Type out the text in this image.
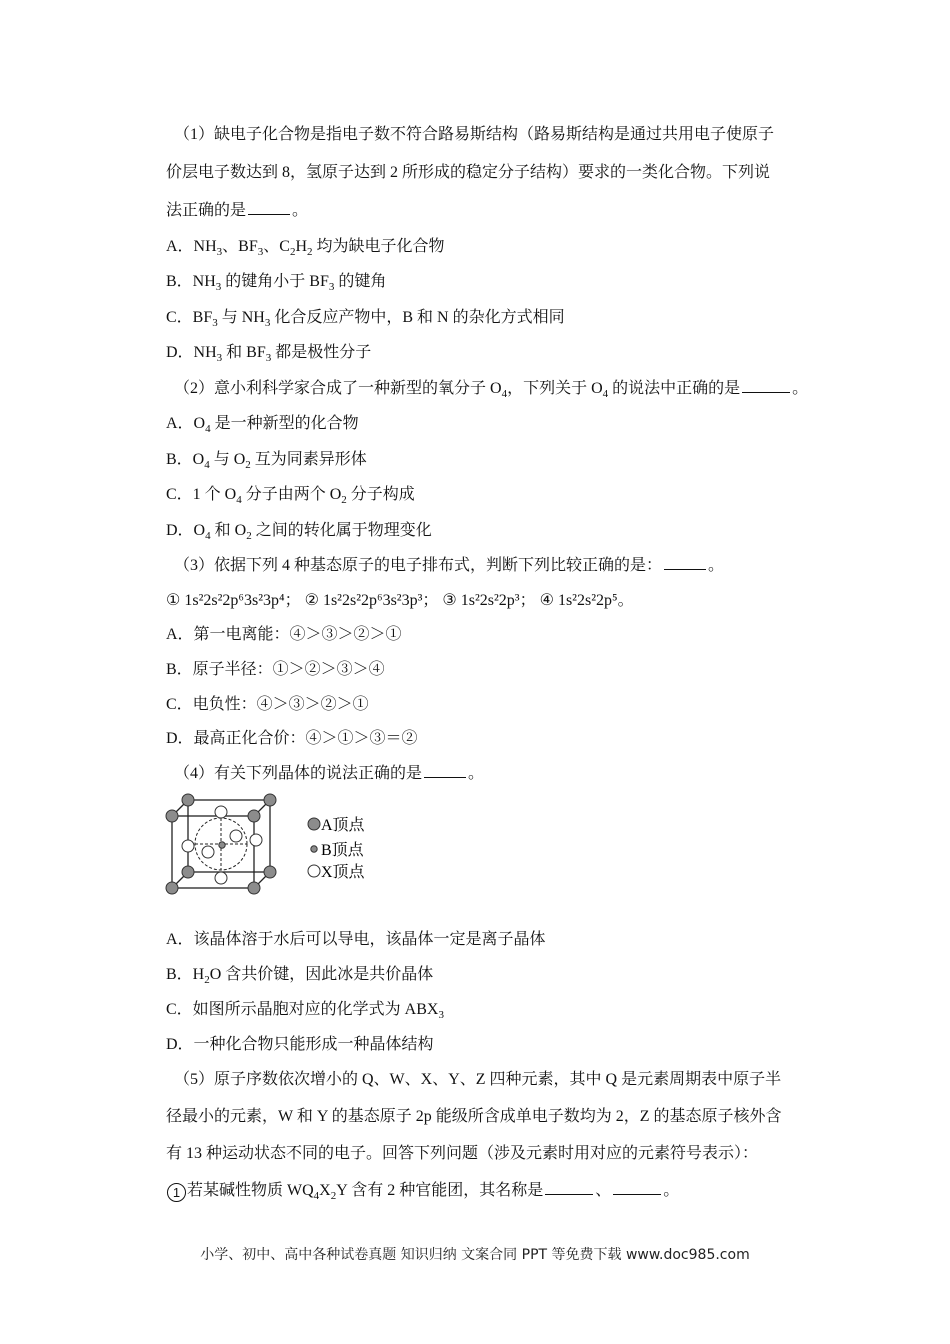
（1）缺电子化合物是指电子数不符合路易斯结构（路易斯结构是通过共用电子使原子
价层电子数达到 8，氢原子达到 2 所形成的稳定分子结构）要求的一类化合物。下列说
法正确的是	。
A．$NH_3$、$BF_3$、$C_2H_2$ 均为缺电子化合物
B．$NH_3$ 的键角小于 $BF_3$ 的键角
C．$BF_3$ 与 $NH_3$ 化合反应产物中，B 和 N 的杂化方式相同
D．$NH_3$ 和 $BF_3$ 都是极性分子
（2）意小利科学家合成了一种新型的氧分子 $O_4$，下列关于 $O_4$ 的说法中正确的是	。
A．$O_4$ 是一种新型的化合物
B．$O_4$ 与 $O_2$ 互为同素异形体
C．1 个 $O_4$ 分子由两个 $O_2$ 分子构成
D．$O_4$ 和 $O_2$ 之间的转化属于物理变化
（3）依据下列 4 种基态原子的电子排布式，判断下列比较正确的是：	。
① 1s²2s²2p⁶3s²3p⁴； ② 1s²2s²2p⁶3s²3p³； ③ 1s²2s²2p³； ④ 1s²2s²2p⁵。
A．第一电离能：④＞③＞②＞①
B．原子半径：①＞②＞③＞④
C．电负性：④＞③＞②＞①
D．最高正化合价：④＞①＞③＝②
（4）有关下列晶体的说法正确的是	。
A顶点
B顶点
X顶点
A．该晶体溶于水后可以导电，该晶体一定是离子晶体
B．$H_2O$ 含共价键，因此冰是共价晶体
C．如图所示晶胞对应的化学式为 $ABX_3$
D．一种化合物只能形成一种晶体结构
（5）原子序数依次增小的 Q、W、X、Y、Z 四种元素，其中 Q 是元素周期表中原子半
径最小的元素，W 和 Y 的基态原子 2p 能级所含成单电子数均为 2，Z 的基态原子核外含
有 13 种运动状态不同的电子。回答下列问题（涉及元素时用对应的元素符号表示）：
1 若某碱性物质 $WQ_4X_2Y$ 含有 2 种官能团，其名称是	、	。
小学、初中、高中各种试卷真题 知识归纳 文案合同 PPT 等免费下载 www.doc985.com
